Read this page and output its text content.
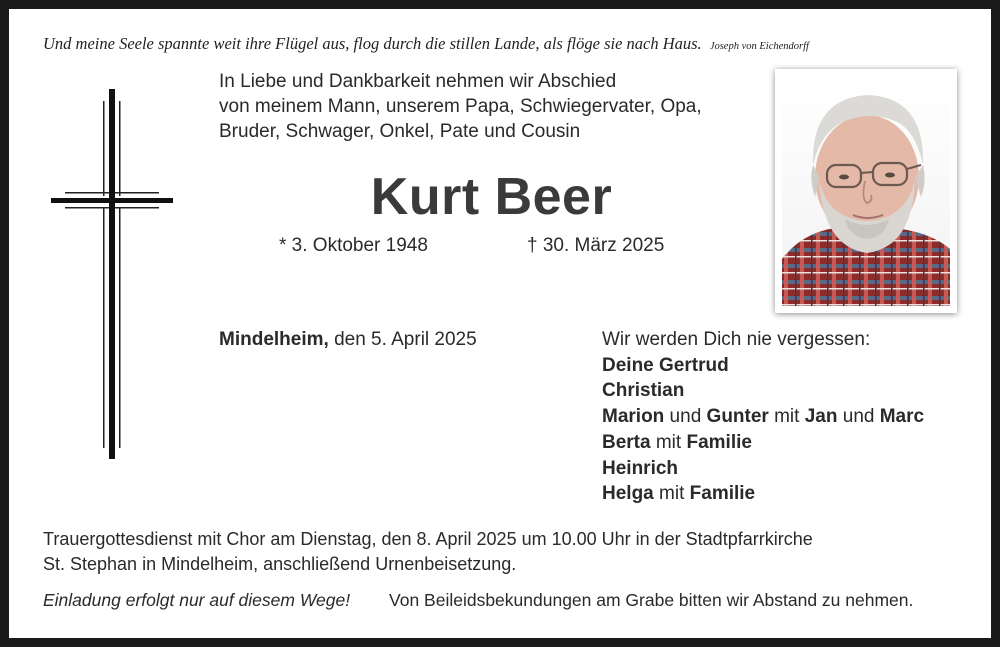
Und meine Seele spannte weit ihre Flügel aus, flog durch die stillen Lande, als flöge sie nach Haus. Joseph von Eichendorff
In Liebe und Dankbarkeit nehmen wir Abschied
von meinem Mann, unserem Papa, Schwiegervater, Opa,
Bruder, Schwager, Onkel, Pate und Cousin
Kurt Beer
* 3. Oktober 1948	† 30. März 2025
Mindelheim, den 5. April 2025	Wir werden Dich nie vergessen:
Deine Gertrud
Christian
Marion und Gunter mit Jan und Marc
Berta mit Familie
Heinrich
Helga mit Familie
Trauergottesdienst mit Chor am Dienstag, den 8. April 2025 um 10.00 Uhr in der Stadtpfarrkirche
St. Stephan in Mindelheim, anschließend Urnenbeisetzung.
Einladung erfolgt nur auf diesem Wege! Von Beileidsbekundungen am Grabe bitten wir Abstand zu nehmen.
